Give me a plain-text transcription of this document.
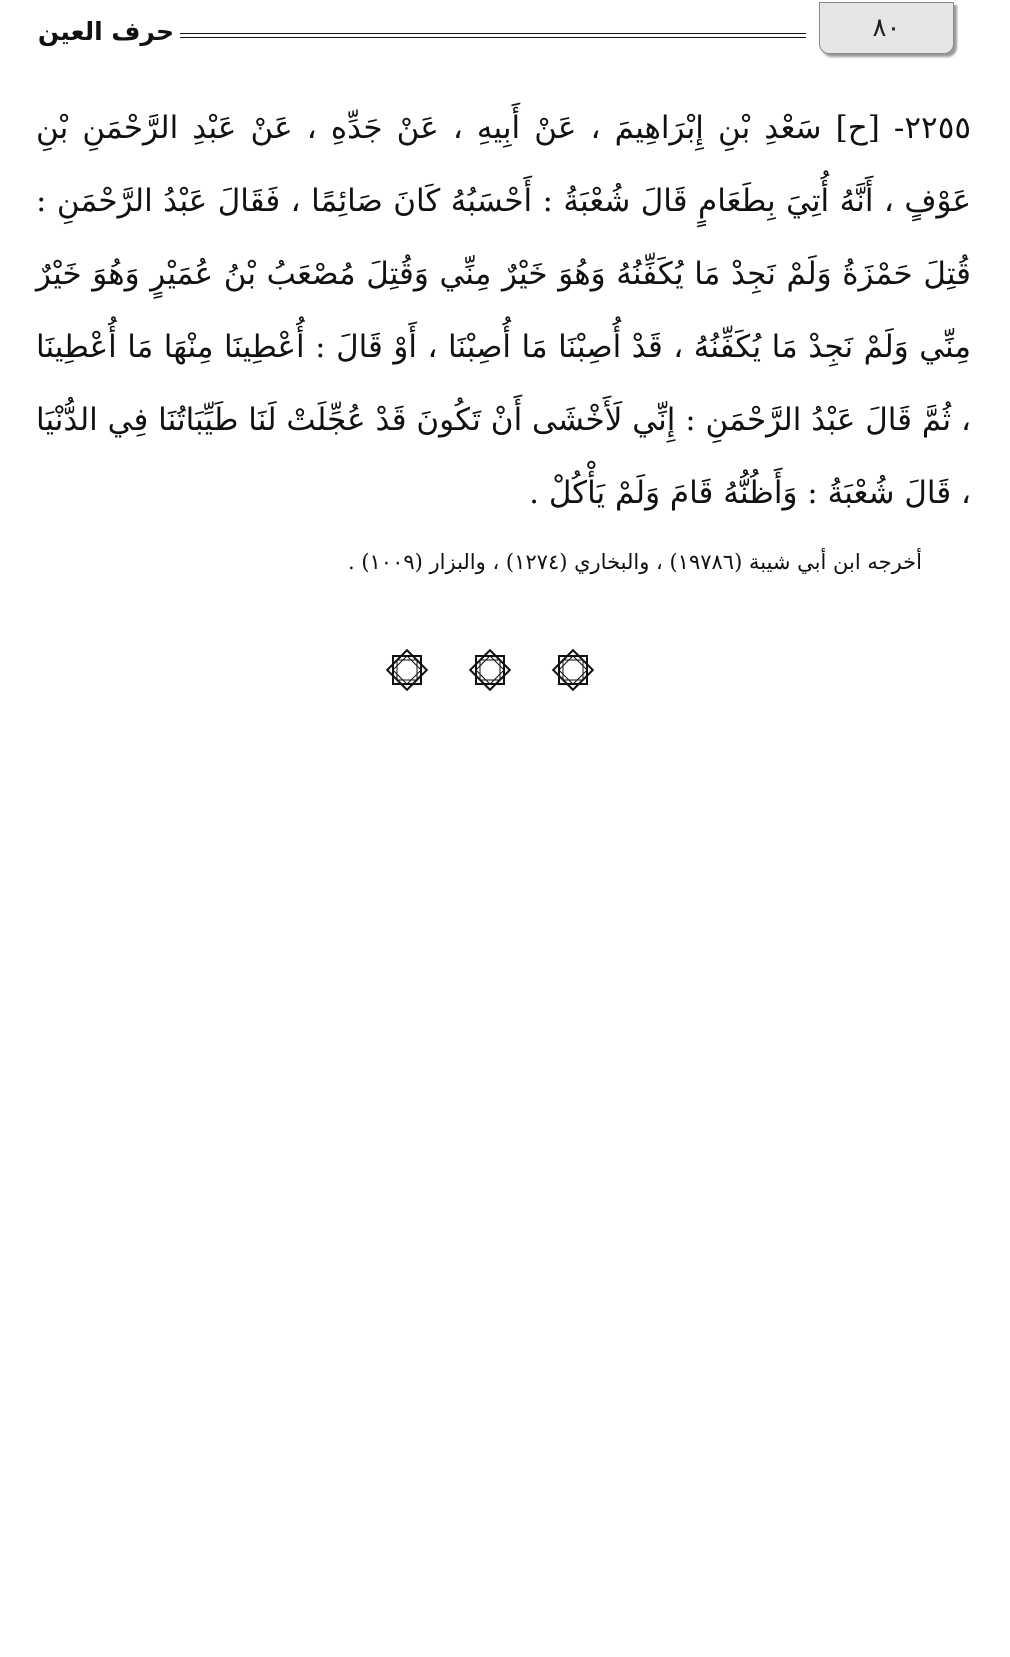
٨٠
حرف العين
٢٢٥٥- [ح] سَعْدِ بْنِ إِبْرَاهِيمَ ، عَنْ أَبِيهِ ، عَنْ جَدِّهِ ، عَنْ عَبْدِ الرَّحْمَنِ بْنِ عَوْفٍ ، أَنَّهُ أُتِيَ بِطَعَامٍ قَالَ شُعْبَةُ : أَحْسَبُهُ كَانَ صَائِمًا ، فَقَالَ عَبْدُ الرَّحْمَنِ : قُتِلَ حَمْزَةُ وَلَمْ نَجِدْ مَا يُكَفِّنُهُ وَهُوَ خَيْرٌ مِنِّي وَقُتِلَ مُصْعَبُ بْنُ عُمَيْرٍ وَهُوَ خَيْرٌ مِنِّي وَلَمْ نَجِدْ مَا يُكَفِّنُهُ ، قَدْ أُصِبْنَا مَا أُصِبْنَا ، أَوْ قَالَ : أُعْطِينَا مِنْهَا مَا أُعْطِينَا ، ثُمَّ قَالَ عَبْدُ الرَّحْمَنِ : إِنِّي لَأَخْشَى أَنْ تَكُونَ قَدْ عُجِّلَتْ لَنَا طَيِّبَاتُنَا فِي الدُّنْيَا ، قَالَ شُعْبَةُ : وَأَظُنُّهُ قَامَ وَلَمْ يَأْكُلْ .
أخرجه ابن أبي شيبة (١٩٧٨٦) ، والبخاري (١٢٧٤) ، والبزار (١٠٠٩) .
